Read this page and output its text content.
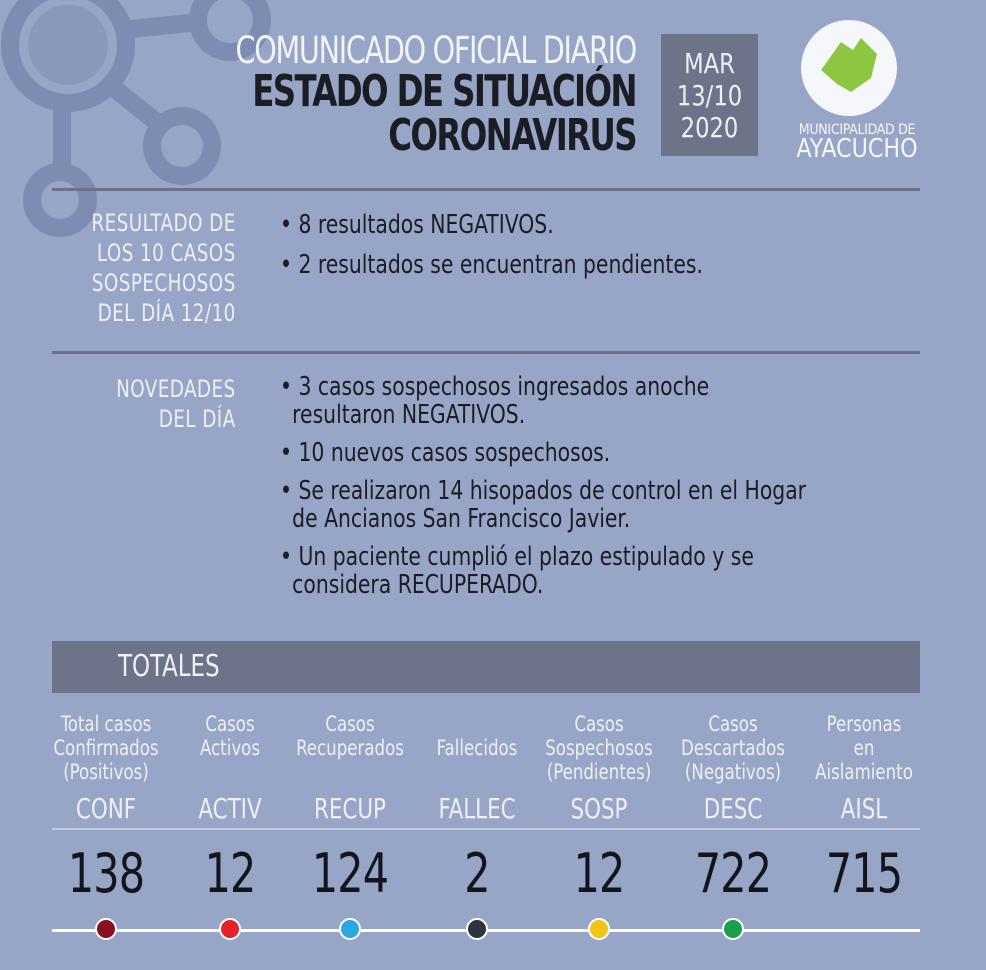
COMUNICADO OFICIAL DIARIO
ESTADO DE SITUACIÓN
CORONAVIRUS
MAR
13/10
2020	MUNICIPALIDAD DE
AYACUCHO
RESULTADO DE
LOS 10 CASOS
SOSPECHOSOS
DEL DÍA 12/10
• 8 resultados NEGATIVOS.
• 2 resultados se encuentran pendientes.
NOVEDADES
DEL DÍA
• 3 casos sospechosos ingresados anoche
resultaron NEGATIVOS.
• 10 nuevos casos sospechosos.
• Se realizaron 14 hisopados de control en el Hogar
de Ancianos San Francisco Javier.
• Un paciente cumplió el plazo estipulado y se
considera RECUPERADO.
TOTALES
Total casos
Confirmados
(Positivos)
CONF
138
Casos
Activos
ACTIV
12
Casos
Recuperados
RECUP
124

Fallecidos
FALLEC
2
Casos
Sospechosos
(Pendientes)
SOSP
12
Casos
Descartados
(Negativos)
DESC
722
Personas
en
Aislamiento
AISL
715
